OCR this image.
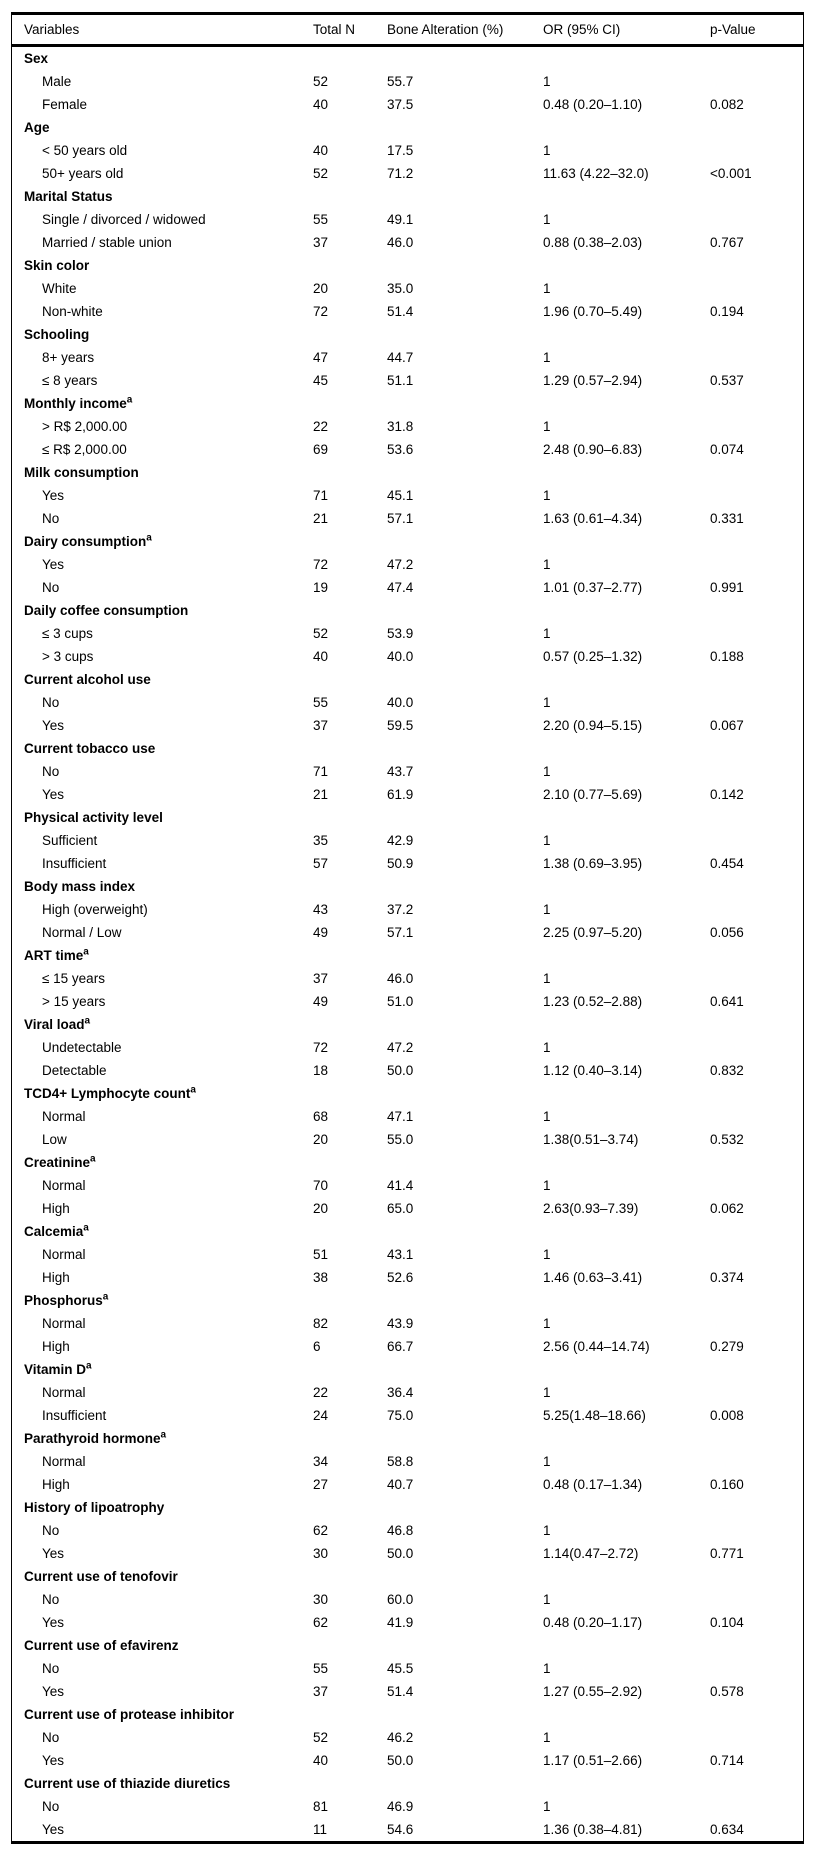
Variables	Total N	Bone Alteration (%)	OR (95% CI)	p-Value
Sex
Male	52	55.7	1
Female	40	37.5	0.48 (0.20–1.10)	0.082
Age
< 50 years old	40	17.5	1
50+ years old	52	71.2	11.63 (4.22–32.0)	<0.001
Marital Status
Single / divorced / widowed	55	49.1	1
Married / stable union	37	46.0	0.88 (0.38–2.03)	0.767
Skin color
White	20	35.0	1
Non-white	72	51.4	1.96 (0.70–5.49)	0.194
Schooling
8+ years	47	44.7	1
≤ 8 years	45	51.1	1.29 (0.57–2.94)	0.537
Monthly income$^a$
> R$ 2,000.00	22	31.8	1
≤ R$ 2,000.00	69	53.6	2.48 (0.90–6.83)	0.074
Milk consumption
Yes	71	45.1	1
No	21	57.1	1.63 (0.61–4.34)	0.331
Dairy consumption$^a$
Yes	72	47.2	1
No	19	47.4	1.01 (0.37–2.77)	0.991
Daily coffee consumption
≤ 3 cups	52	53.9	1
> 3 cups	40	40.0	0.57 (0.25–1.32)	0.188
Current alcohol use
No	55	40.0	1
Yes	37	59.5	2.20 (0.94–5.15)	0.067
Current tobacco use
No	71	43.7	1
Yes	21	61.9	2.10 (0.77–5.69)	0.142
Physical activity level
Sufficient	35	42.9	1
Insufficient	57	50.9	1.38 (0.69–3.95)	0.454
Body mass index
High (overweight)	43	37.2	1
Normal / Low	49	57.1	2.25 (0.97–5.20)	0.056
ART time$^a$
≤ 15 years	37	46.0	1
> 15 years	49	51.0	1.23 (0.52–2.88)	0.641
Viral load$^a$
Undetectable	72	47.2	1
Detectable	18	50.0	1.12 (0.40–3.14)	0.832
TCD4+ Lymphocyte count$^a$
Normal	68	47.1	1
Low	20	55.0	1.38(0.51–3.74)	0.532
Creatinine$^a$
Normal	70	41.4	1
High	20	65.0	2.63(0.93–7.39)	0.062
Calcemia$^a$
Normal	51	43.1	1
High	38	52.6	1.46 (0.63–3.41)	0.374
Phosphorus$^a$
Normal	82	43.9	1
High	6	66.7	2.56 (0.44–14.74)	0.279
Vitamin $D^a$
Normal	22	36.4	1
Insufficient	24	75.0	5.25(1.48–18.66)	0.008
Parathyroid hormone$^a$
Normal	34	58.8	1
High	27	40.7	0.48 (0.17–1.34)	0.160
History of lipoatrophy
No	62	46.8	1
Yes	30	50.0	1.14(0.47–2.72)	0.771
Current use of tenofovir
No	30	60.0	1
Yes	62	41.9	0.48 (0.20–1.17)	0.104
Current use of efavirenz
No	55	45.5	1
Yes	37	51.4	1.27 (0.55–2.92)	0.578
Current use of protease inhibitor
No	52	46.2	1
Yes	40	50.0	1.17 (0.51–2.66)	0.714
Current use of thiazide diuretics
No	81	46.9	1
Yes	11	54.6	1.36 (0.38–4.81)	0.634
